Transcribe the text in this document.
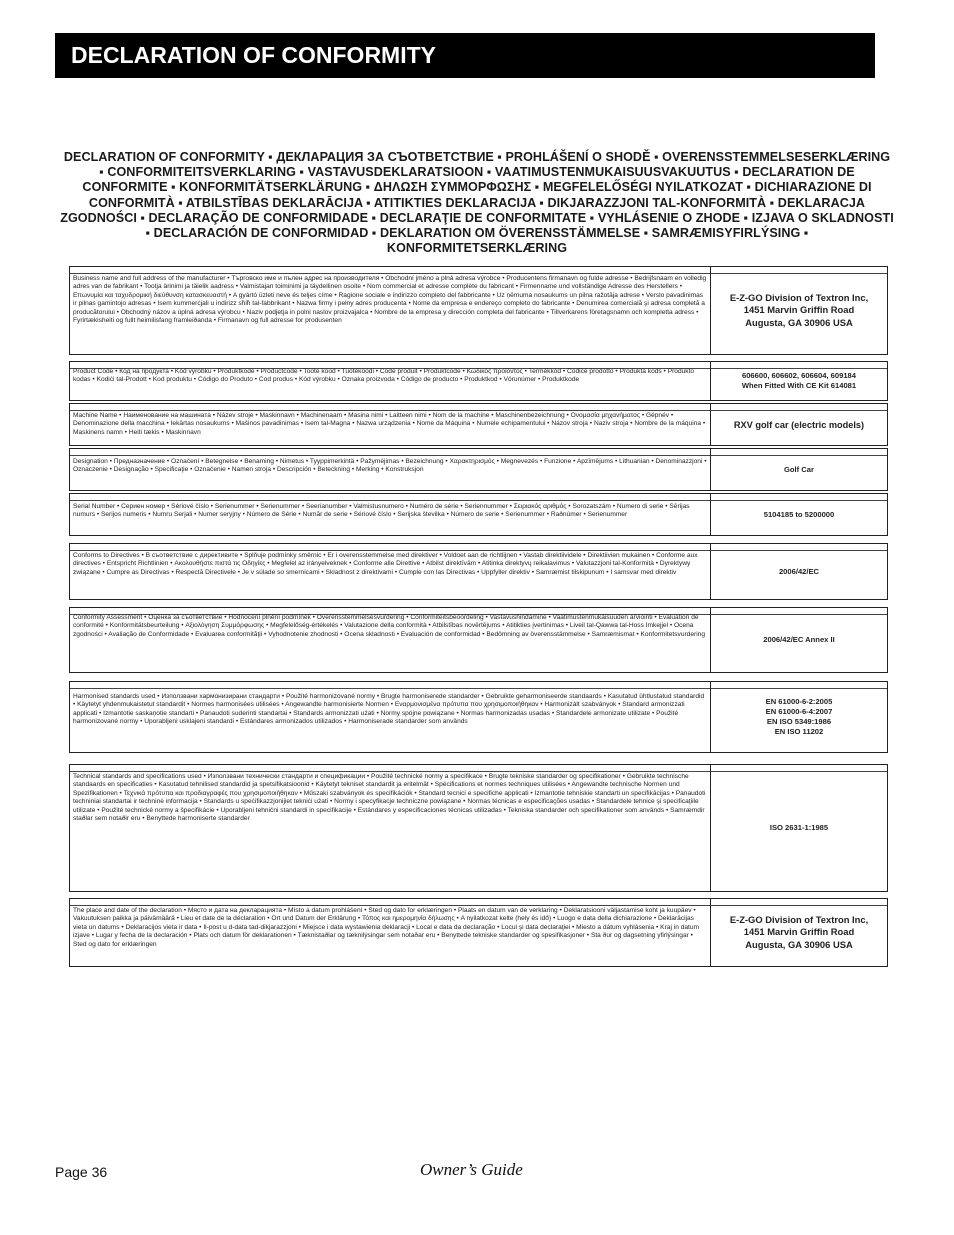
DECLARATION OF CONFORMITY
DECLARATION OF CONFORMITY ▪ ДЕКЛАРАЦИЯ ЗА СЪОТВЕТСТВИЕ ▪ PROHLÁŠENÍ O SHODĚ ▪ OVERENSSTEMMELSESERKLÆRING ▪ CONFORMITEITSVERKLARING ▪ VASTAVUSDEKLARATSIOON ▪ VAATIMUSTENMUKAISUUSVAKUUTUS ▪ DECLARATION DE CONFORMITE ▪ KONFORMITÄTSERKLÄRUNG ▪ ΔΗΛΩΣΗ ΣΥΜΜΟΡΦΩΣΗΣ ▪ MEGFELELŐSÉGI NYILATKOZAT ▪ DICHIARAZIONE DI CONFORMITÀ ▪ ATBILSTĪBAS DEKLARĀCIJA ▪ ATITIKTIES DEKLARACIJA ▪ DIKJARAZZJONI TAL-KONFORMITÀ ▪ DEKLARACJA ZGODNOŚCI ▪ DECLARAÇÃO DE CONFORMIDADE ▪ DECLARAŢIE DE CONFORMITATE ▪ VYHLÁSENIE O ZHODE ▪ IZJAVA O SKLADNOSTI ▪ DECLARACIÓN DE CONFORMIDAD ▪ DEKLARATION OM ÖVERENSSTÄMMELSE ▪ SAMRÆMISYFIRLÝSING ▪ KONFORMITETSERKLÆRING
Business name and full address of the manufacturer • Търговско име и пълен адрес на производителя • Obchodní jméno a plná adresa výrobce • Producentens firmanavn og fulde adresse • Bedrijfsnaam en volledig adres van de fabrikant • Tootja ärinimi ja täielik aadress • Valmistajan toiminimi ja täydellinen osoite • Nom commercial et adresse complète du fabricant • Firmenname und vollständige Adresse des Herstellers • Επωνυμία και ταχυδρομική διεύθυνση κατασκευαστή • A gyártó üzleti neve és teljes címe • Ragione sociale e indirizzo completo del fabbricante • Uz ņēmuma nosaukums un pilna ražotāja adrese • Verslo pavadinimas ir pilnas gamintojo adresas • Isem kummerċjali u indirizz sħiħ tal-fabbrikant • Nazwa firmy i pełny adres producenta • Nome da empresa e endereço completo do fabricante • Denumirea comercială şi adresa completă a producătorului • Obchodný názov a úplná adresa výrobcu • Naziv podjetja in polni naslov proizvajalca • Nombre de la empresa y dirección completa del fabricante • Tillverkarens företagsnamn och kompletta adress • Fyrirtækisheiti og fullt heimilisfang framleiðanda • Firmanavn og full adresse for produsenten
E-Z-GO Division of Textron Inc,
1451 Marvin Griffin Road
Augusta, GA 30906 USA
Product Code • Код на продукта • Kód výrobku • Produktkode • Productcode • Toote kood • Tuotekoodi • Code produit • Produktcode • Κωδικός προϊόντος • Termékkód • Codice prodotto • Produkta kods • Produkto kodas • Kodiċi tal-Prodott • Kod produktu • Código do Produto • Cod produs • Kód výrobku • Oznaka proizvoda • Código de producto • Produktkod • Vörunúmer • Produktkode	606600, 606602, 606604, 609184
When Fitted With CE Kit 614081
Machine Name • Наименование на машината • Název stroje • Maskinnavn • Machinenaam • Masina nimi • Laitteen nimi • Nom de la machine • Maschinenbezeichnung • Ονομασία μηχανήματος • Gépnév • Denominazione della macchina • Iekārtas nosaukums • Mašinos pavadinimas • Isem tal-Magna • Nazwa urządzenia • Nome da Máquina • Numele echipamentului • Názov stroja • Naziv stroja • Nombre de la máquina • Maskinens namn • Heiti tækis • Maskinnavn
RXV golf car (electric models)
Designation • Предназначение • Označení • Betegnelse • Benaming • Nimetus • Tyyppimerkintä • Pažymėjimas • Bezeichnung • Χαρακτηρισμός • Megnevezés • Funzione • Apzīmējums • Lithuanian • Denominazzjoni • Oznaczenie • Designação • Specificaţie • Označenie • Namen stroja • Descripción • Beteckning • Merking • Konstruksjon	Golf Car
Serial Number • Сериен номер • Sériové číslo • Serienummer • Serienummer • Seerianumber • Valmistusnumero • Numéro de série • Seriennummer • Σειριακός αριθμός • Sorozatszám • Numero di serie • Sērijas numurs • Serijos numeris • Numru Serjali • Numer seryjny • Número de Série • Număr de serie • Sériové číslo • Serijska številka • Número de serie • Serienummer • Raðnúmer • Serienummer	5104185 to 5200000
Conforms to Directives • В съответствие с директивите • Splňuje podmínky směrnic • Er i overensstemmelse med direktiver • Voldoet aan de richtlijnen • Vastab direktiividele • Direktiivien mukainen • Conforme aux directives • Entspricht Richtlinien • Ακολουθήστε πιστά τις Οδηγίες • Megfelel az irányelveknek • Conforme alle Direttive • Atbilst direktīvām • Atitinka direktyvų reikalavimus • Valutazzjoni tal-Konformità • Dyrektywy związane • Cumpre as Directivas • Respectă Directivele • Je v súlade so smernicami • Skladnost z direktivami • Cumple con las Directivas • Uppfyller direktiv • Samræmist tilskipunum • I samsvar med direktiv	2006/42/EC
Conformity Assessment • Оценка за съответствие • Hodnocení plnění podmínek • Overensstemmelsesvurdering • Conformiteitsbeoordeling • Vastavushindamine • Vaatimustenmukaisuuden arviointi • Evaluation de conformité • Konformitätsbeurteilung • Αξιολόγηση Συμμόρφωσης • Megfelelőség-értékelés • Valutazione della conformità • Atbilstības novērtējums • Atitikties įvertinimas • Liveil tal-Qawwa tal-Hoss Imkejjel • Ocena zgodności • Avaliação de Conformidade • Evaluarea conformităţii • Vyhodnotenie zhodnosti • Ocena skladnosti • Evaluación de conformidad • Bedömning av överensstämmelse • Samræmismat • Konformitetsvurdering
2006/42/EC Annex II
Harmonised standards used • Използвани хармонизирани стандарти • Použité harmonizované normy • Brugte harmoniserede standarder • Gebruikte geharmoniseerde standaards • Kasutatud ühtlustatud standardid • Käytetyt yhdenmukaistetut standardit • Normes harmonisées utilisées • Angewandte harmonisierte Normen • Εναρμονισμένα πρότυπα που χρησιμοποιήθηκαν • Harmonizált szabványok • Standard armonizzati applicati • Izmantotie saskaņotie standarti • Panaudoti suderinti standartai • Standards armonizzati użati • Normy spójne powiązane • Normas harmonizadas usadas • Standardele armonizate utilizate • Použité harmonizované normy • Uporabljeni usklajeni standardi • Estándares armonizados utilizados • Harmoniserade standarder som används
EN 61000-6-2:2005
EN 61000-6-4:2007
EN ISO 5349:1986
EN ISO 11202
Technical standards and specifications used • Използвани технически стандарти и спецификации • Použité technické normy a specifikace • Brugte tekniske standarder og specifikationer • Gebruikte technische standaards en specificaties • Kasutatud tehnilised standardid ja spetsifikatsioonid • Käytetyt tekniset standardit ja eritelmät • Spécifications et normes techniques utilisées • Angewandte technische Normen und Spezifikationen • Τεχνικά πρότυπα και προδιαγραφές που χρησιμοποιήθηκαν • Műszaki szabványok és specifikációk • Standard tecnici e specifiche applicati • Izmantotie tehniskie standarti un specifikācijas • Panaudoti techniniai standartai ir techninė informacija • Standards u speċifikazzjonijiet tekniċi użati • Normy i specyfikacje techniczne powiązane • Normas técnicas e especificações usadas • Standardele tehnice şi specificaţiile utilizate • Použité technické normy a špecifikácie • Uporabljeni tehnični standardi in specifikacije • Estándares y especificaciones técnicas utilizadas • Tekniska standarder och specifikationer som används • Samræmdir staðlar sem notaðir eru • Benyttede harmoniserte standarder
ISO 2631-1:1985
The place and date of the declaration • Място и дата на декларацията • Místo a datum prohlášení • Sted og dato for erklæringen • Plaats en datum van de verklaring • Deklaratsiooni väljastamise koht ja kuupäev • Vakuutuksen paikka ja päivämäärä • Lieu et date de la déclaration • Ort und Datum der Erklärung • Τόπος και ημερομηνία δήλωσης • A nyilatkozat kelte (hely és idő) • Luogo e data della dichiarazione • Deklarācijas vieta un datums • Deklaracijos vieta ir data • Il-post u d-data tad-dikjarazzjoni • Miejsce i data wystawienia deklaracji • Local e data da declaração • Locul şi data declaraţiei • Miesto a dátum vyhlásenia • Kraj in datum izjave • Lugar y fecha de la declaración • Plats och datum för deklarationen • Tæknistaðlar og tæknilýsingar sem notaðar eru • Benyttede tekniske standarder og spesifikasjoner • Sta ður og dagsetning yfirlýsingar • Sted og dato for erklæringen
E-Z-GO Division of Textron Inc,
1451 Marvin Griffin Road
Augusta, GA 30906 USA
Page 36	Owner’s Guide
